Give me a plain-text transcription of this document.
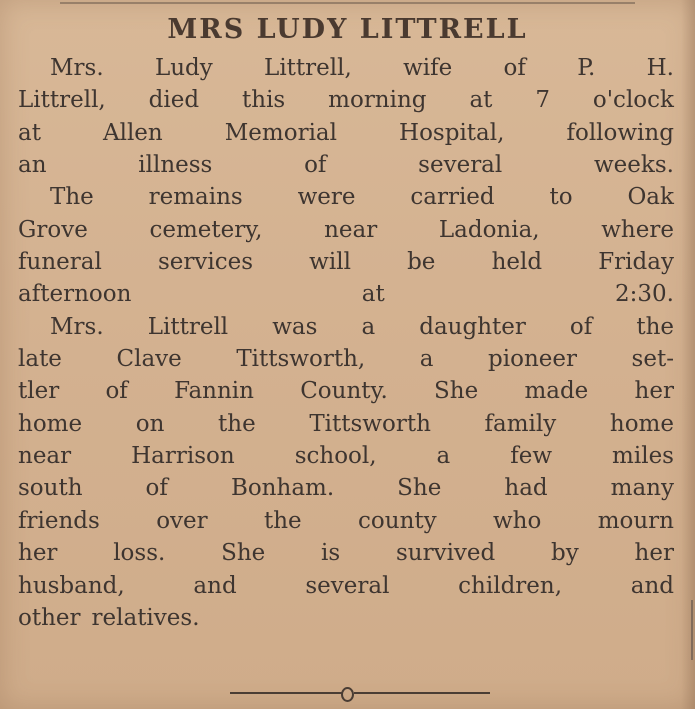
MRS LUDY LITTRELL
Mrs. Ludy Littrell, wife of P. H.
Littrell, died this morning at 7 o'clock
at	Allen	Memorial	Hospital,	following
an	illness	of	several	weeks.
The remains were carried to Oak
Grove	cemetery,	near	Ladonia,	where
funeral services will be held Friday
afternoon	at	2:30.
Mrs. Littrell was a daughter of the
late Clave Tittsworth, a pioneer set-
tler of Fannin County. She made her
home on the Tittsworth family home
near	Harrison	school,	a	few	miles
south	of	Bonham.	She	had	many
friends over the county who mourn
her loss. She is survived by her
husband,	and	several	children,	and
other relatives.
